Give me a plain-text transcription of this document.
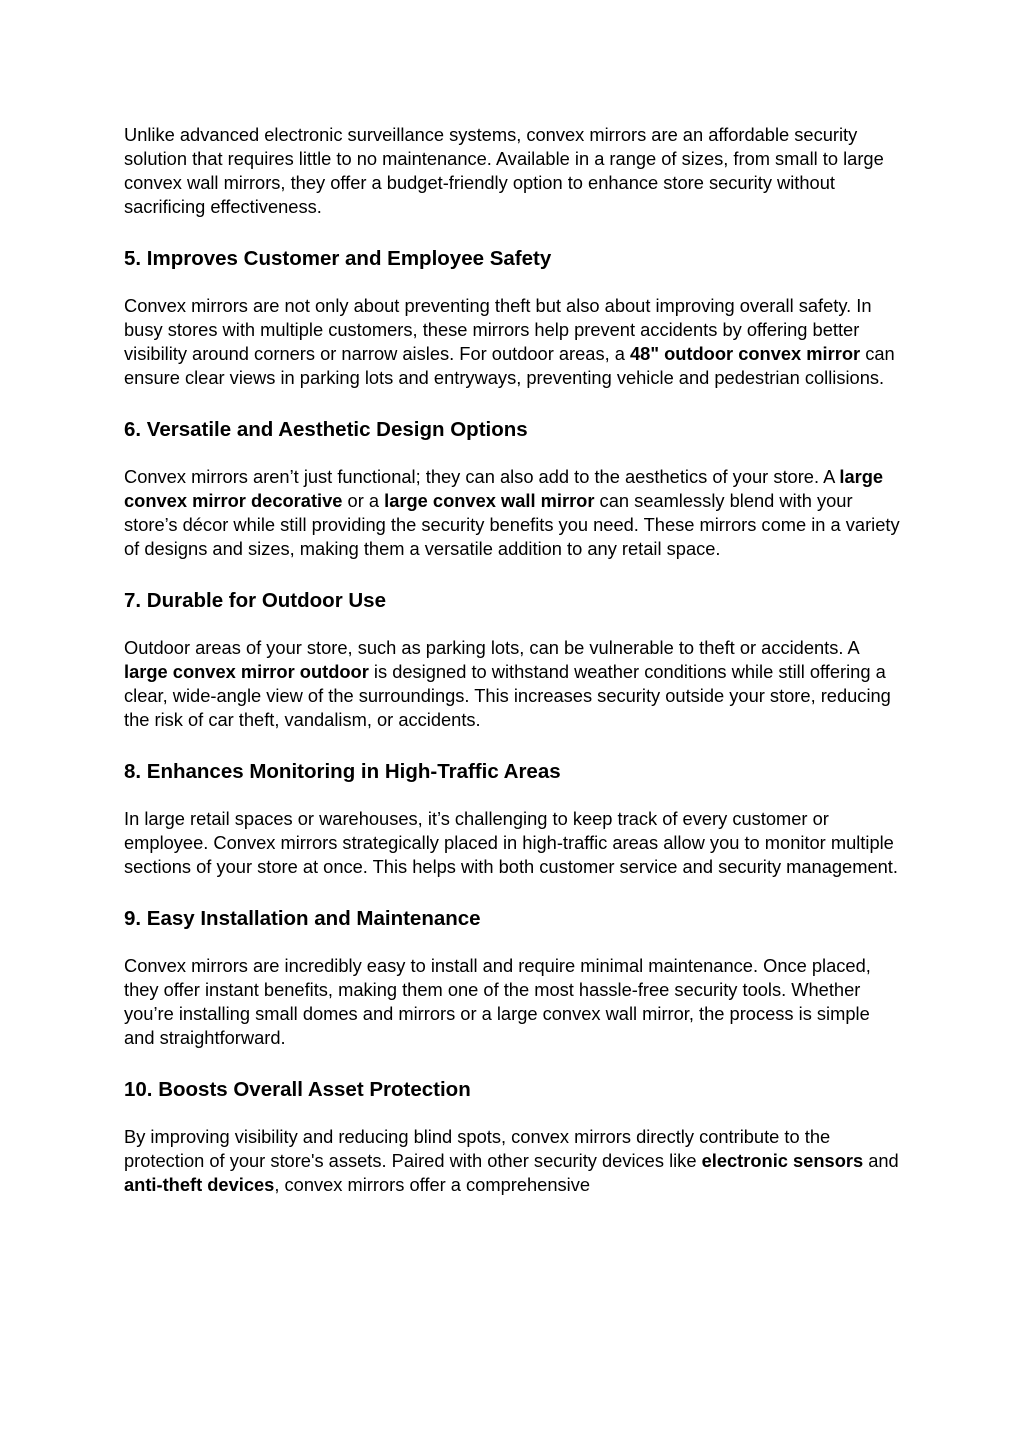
Unlike advanced electronic surveillance systems, convex mirrors are an affordable security solution that requires little to no maintenance. Available in a range of sizes, from small to large convex wall mirrors, they offer a budget-friendly option to enhance store security without sacrificing effectiveness.

5. Improves Customer and Employee Safety

Convex mirrors are not only about preventing theft but also about improving overall safety. In busy stores with multiple customers, these mirrors help prevent accidents by offering better visibility around corners or narrow aisles. For outdoor areas, a 48" outdoor convex mirror can ensure clear views in parking lots and entryways, preventing vehicle and pedestrian collisions.

6. Versatile and Aesthetic Design Options

Convex mirrors aren’t just functional; they can also add to the aesthetics of your store. A large convex mirror decorative or a large convex wall mirror can seamlessly blend with your store’s décor while still providing the security benefits you need. These mirrors come in a variety of designs and sizes, making them a versatile addition to any retail space.

7. Durable for Outdoor Use

Outdoor areas of your store, such as parking lots, can be vulnerable to theft or accidents. A large convex mirror outdoor is designed to withstand weather conditions while still offering a clear, wide-angle view of the surroundings. This increases security outside your store, reducing the risk of car theft, vandalism, or accidents.

8. Enhances Monitoring in High-Traffic Areas

In large retail spaces or warehouses, it’s challenging to keep track of every customer or employee. Convex mirrors strategically placed in high-traffic areas allow you to monitor multiple sections of your store at once. This helps with both customer service and security management.

9. Easy Installation and Maintenance

Convex mirrors are incredibly easy to install and require minimal maintenance. Once placed, they offer instant benefits, making them one of the most hassle-free security tools. Whether you’re installing small domes and mirrors or a large convex wall mirror, the process is simple and straightforward.

10. Boosts Overall Asset Protection

By improving visibility and reducing blind spots, convex mirrors directly contribute to the protection of your store's assets. Paired with other security devices like electronic sensors and anti-theft devices, convex mirrors offer a comprehensive
